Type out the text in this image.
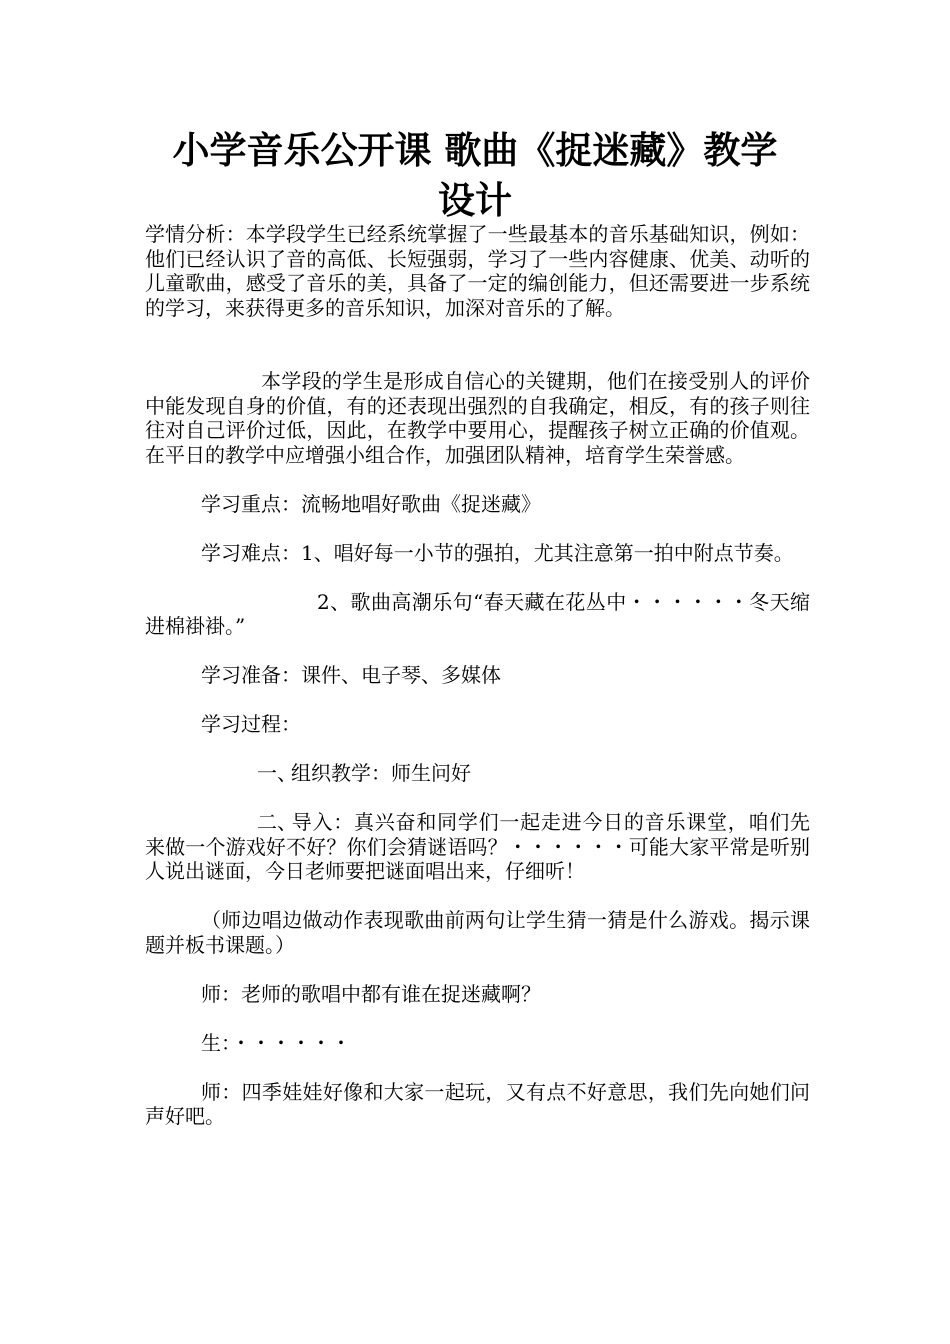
小学音乐公开课 歌曲《捉迷藏》教学
设计

学情分析：本学段学生已经系统掌握了一些最基本的音乐基础知识，例如：他们已经认识了音的高低、长短强弱，学习了一些内容健康、优美、动听的儿童歌曲，感受了音乐的美，具备了一定的编创能力，但还需要进一步系统的学习，来获得更多的音乐知识，加深对音乐的了解。

本学段的学生是形成自信心的关键期，他们在接受别人的评价中能发现自身的价值，有的还表现出强烈的自我确定，相反，有的孩子则往往对自己评价过低，因此，在教学中要用心，提醒孩子树立正确的价值观。在平日的教学中应增强小组合作，加强团队精神，培育学生荣誉感。

学习重点：流畅地唱好歌曲《捉迷藏》

学习难点：1、唱好每一小节的强拍，尤其注意第一拍中附点节奏。

2、歌曲高潮乐句“春天藏在花丛中・・・・・・冬天缩进棉褂褂。”

学习准备：课件、电子琴、多媒体

学习过程：

一、组织教学：师生问好

二、导入：真兴奋和同学们一起走进今日的音乐课堂，咱们先来做一个游戏好不好？你们会猜谜语吗？・・・・・・可能大家平常是听别人说出谜面，今日老师要把谜面唱出来，仔细听！

（师边唱边做动作表现歌曲前两句让学生猜一猜是什么游戏。揭示课题并板书课题。）

师：老师的歌唱中都有谁在捉迷藏啊？

生：・・・・・・

师：四季娃娃好像和大家一起玩，又有点不好意思，我们先向她们问声好吧。
